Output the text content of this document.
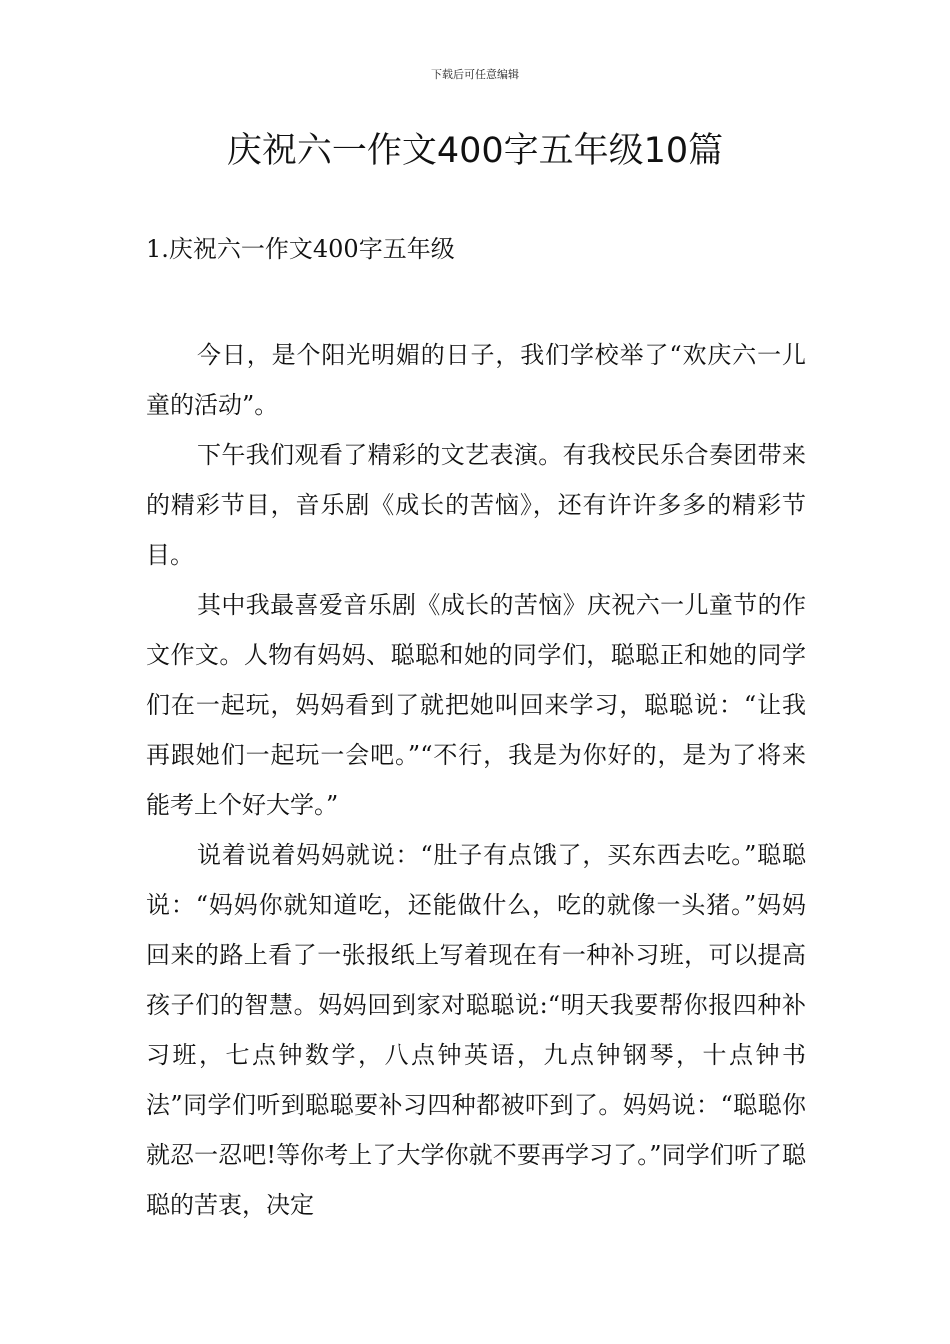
下载后可任意编辑
庆祝六一作文400字五年级10篇
1.庆祝六一作文400字五年级

今日，是个阳光明媚的日子，我们学校举了“欢庆六一儿童的活动”。

下午我们观看了精彩的文艺表演。有我校民乐合奏团带来的精彩节目，音乐剧《成长的苦恼》，还有许许多多的精彩节目。

其中我最喜爱音乐剧《成长的苦恼》庆祝六一儿童节的作文作文。人物有妈妈、聪聪和她的同学们，聪聪正和她的同学们在一起玩，妈妈看到了就把她叫回来学习，聪聪说：“让我再跟她们一起玩一会吧。”“不行，我是为你好的，是为了将来能考上个好大学。”

说着说着妈妈就说：“肚子有点饿了，买东西去吃。”聪聪说：“妈妈你就知道吃，还能做什么，吃的就像一头猪。”妈妈回来的路上看了一张报纸上写着现在有一种补习班，可以提高孩子们的智慧。妈妈回到家对聪聪说:“明天我要帮你报四种补习班，七点钟数学，八点钟英语，九点钟钢琴，十点钟书法”同学们听到聪聪要补习四种都被吓到了。妈妈说：“聪聪你就忍一忍吧!等你考上了大学你就不要再学习了。”同学们听了聪聪的苦衷，决定
